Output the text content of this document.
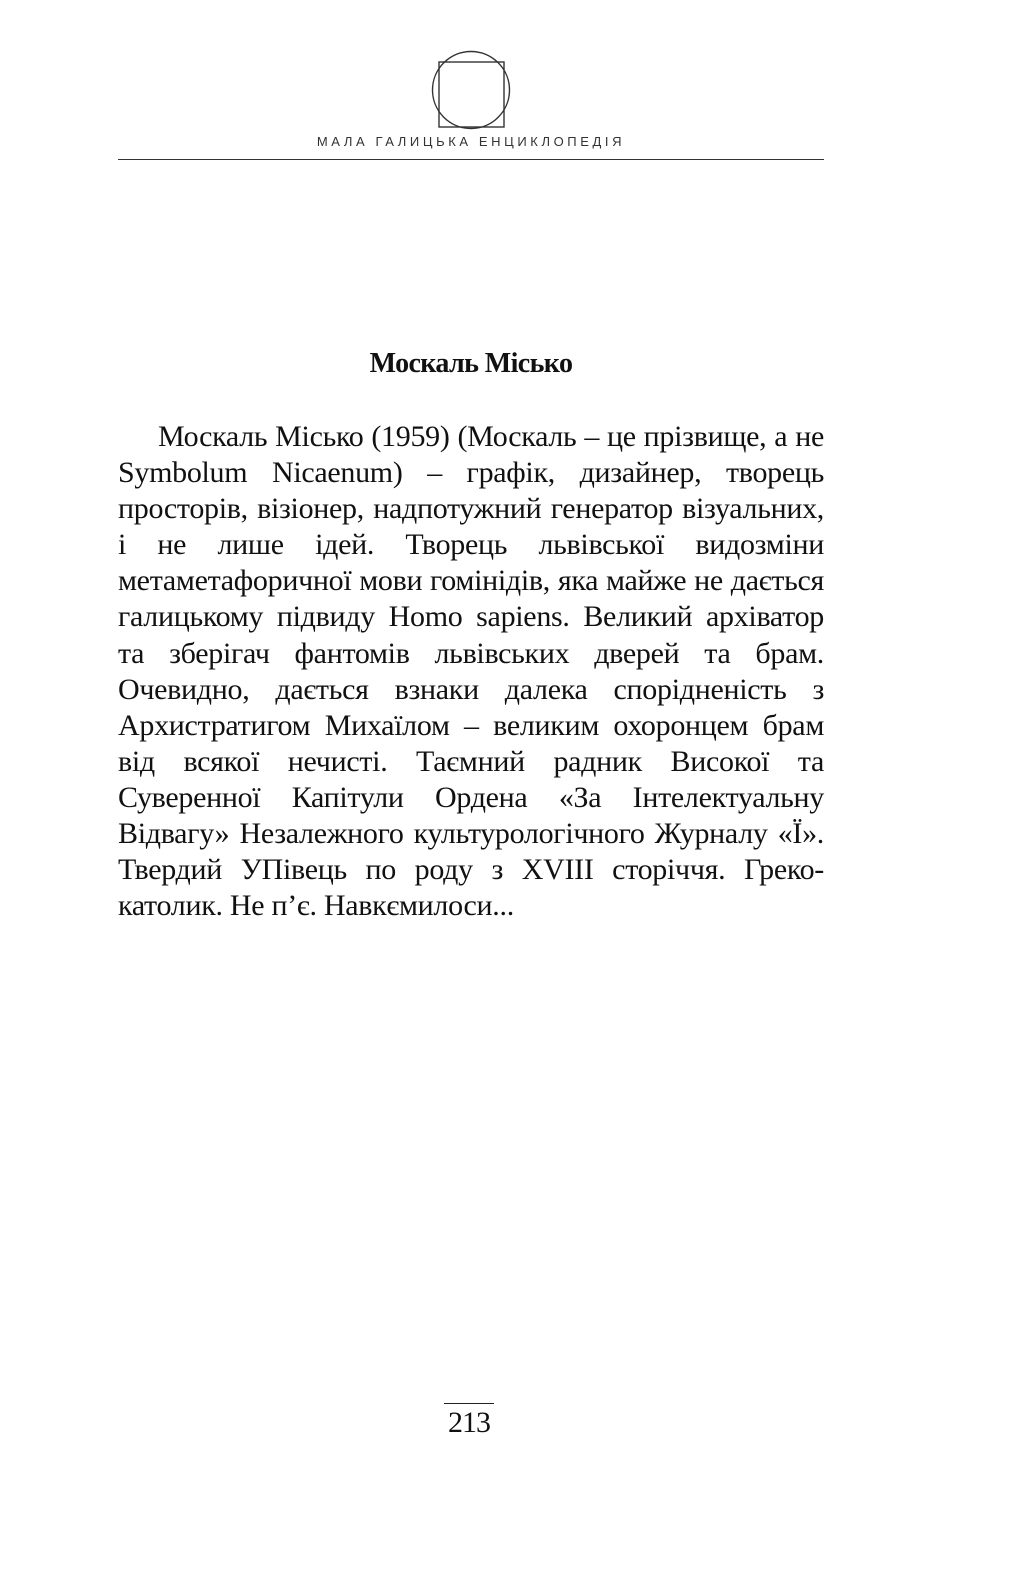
МАЛА ГАЛИЦЬКА ЕНЦИКЛОПЕДІЯ
Москаль Місько

Москаль Місько (1959) (Москаль – це прізвище, а не Symbolum Nicaenum) – графік, дизайнер, творець просторів, візіонер, надпотужний генератор візуальних, і не лише ідей. Творець львівської видозміни метаметафоричної мови гомінідів, яка майже не дається галицькому підвиду Homo sapiens. Великий архіватор та зберігач фантомів львівських дверей та брам. Очевидно, дається взнаки далека спорідненість з Архистратигом Михаїлом – великим охоронцем брам від всякої нечисті. Таємний радник Високої та Суверенної Капітули Ордена «За Інтелектуальну Відвагу» Незалежного культурологічного Журналу «Ї». Твердий УПівець по роду з XVIII сторіччя. Греко-католик. Не п’є. Навкємилоси...

213
